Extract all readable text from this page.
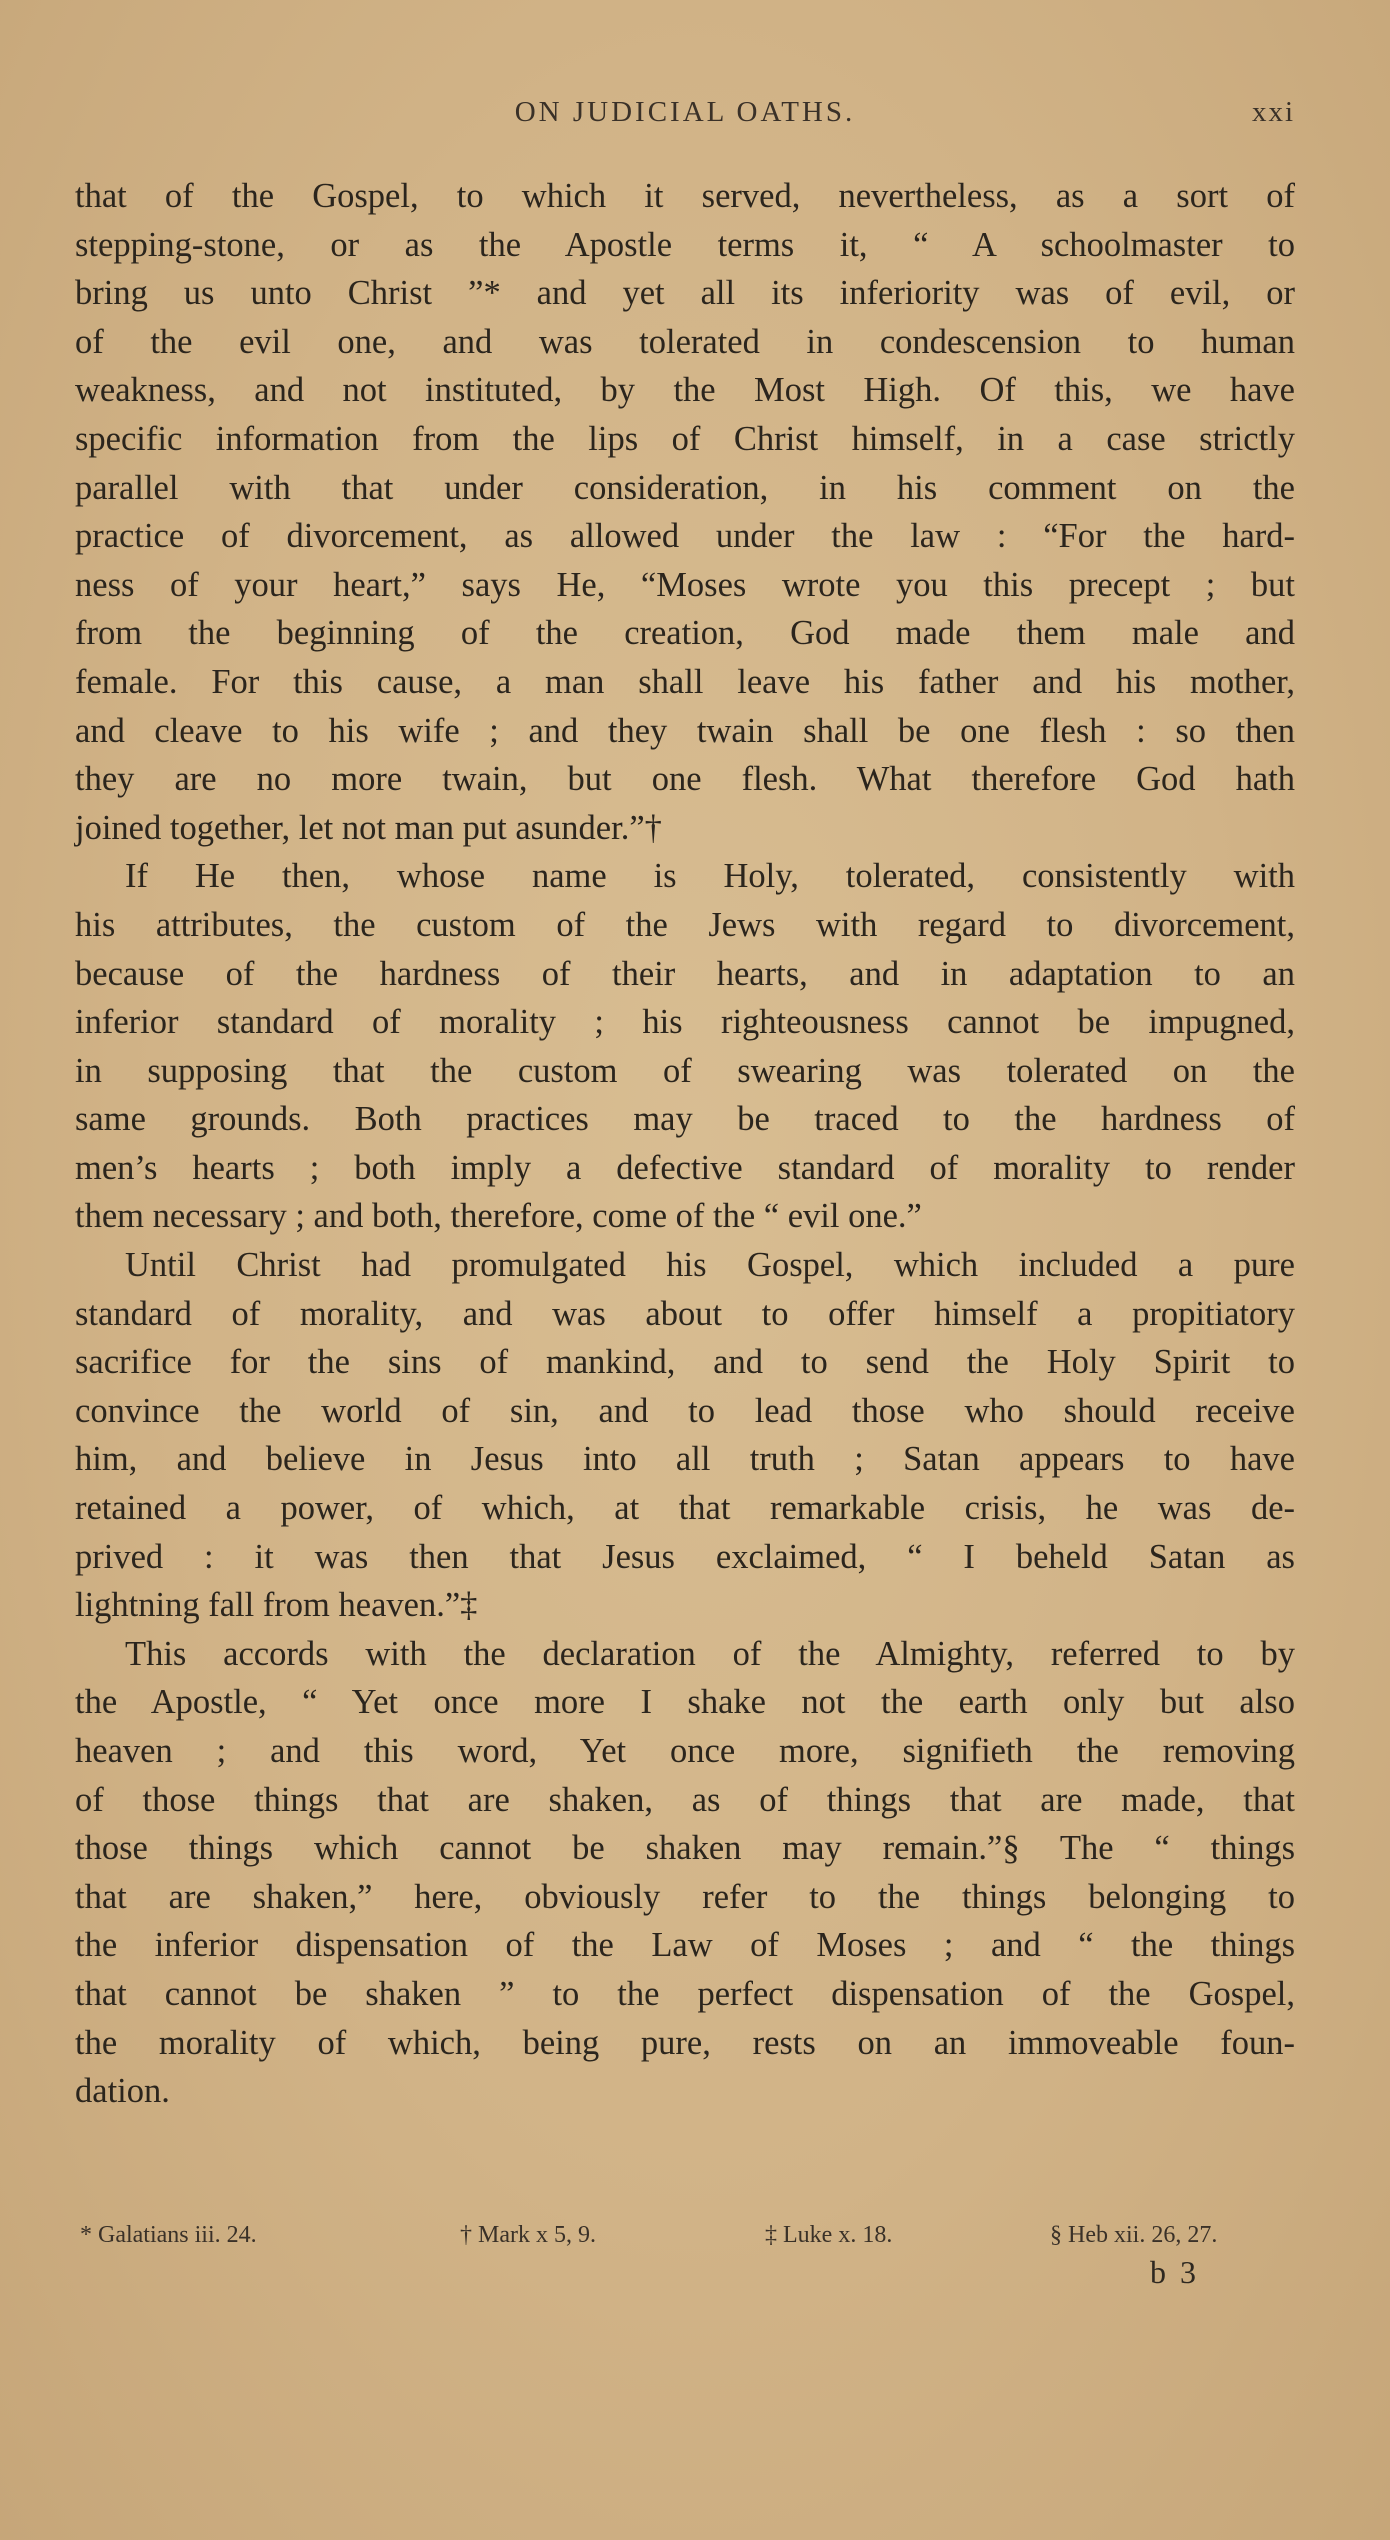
ON JUDICIAL OATHS.	xxi

that of the Gospel, to which it served, nevertheless, as a sort of
stepping-stone, or as the Apostle terms it, “ A schoolmaster to
bring us unto Christ ”* and yet all its inferiority was of evil, or
of the evil one, and was tolerated in condescension to human
weakness, and not instituted, by the Most High. Of this, we have
specific information from the lips of Christ himself, in a case strictly
parallel with that under consideration, in his comment on the
practice of divorcement, as allowed under the law : “For the hard-
ness of your heart,” says He, “Moses wrote you this precept ; but
from the beginning of the creation, God made them male and
female. For this cause, a man shall leave his father and his mother,
and cleave to his wife ; and they twain shall be one flesh : so then
they are no more twain, but one flesh. What therefore God hath
joined together, let not man put asunder.”†

If He then, whose name is Holy, tolerated, consistently with
his attributes, the custom of the Jews with regard to divorcement,
because of the hardness of their hearts, and in adaptation to an
inferior standard of morality ; his righteousness cannot be impugned,
in supposing that the custom of swearing was tolerated on the
same grounds. Both practices may be traced to the hardness of
men’s hearts ; both imply a defective standard of morality to render
them necessary ; and both, therefore, come of the “ evil one.”

Until Christ had promulgated his Gospel, which included a pure
standard of morality, and was about to offer himself a propitiatory
sacrifice for the sins of mankind, and to send the Holy Spirit to
convince the world of sin, and to lead those who should receive
him, and believe in Jesus into all truth ; Satan appears to have
retained a power, of which, at that remarkable crisis, he was de-
prived : it was then that Jesus exclaimed, “ I beheld Satan as
lightning fall from heaven.”‡

This accords with the declaration of the Almighty, referred to by
the Apostle, “ Yet once more I shake not the earth only but also
heaven ; and this word, Yet once more, signifieth the removing
of those things that are shaken, as of things that are made, that
those things which cannot be shaken may remain.”§ The “ things
that are shaken,” here, obviously refer to the things belonging to
the inferior dispensation of the Law of Moses ; and “ the things
that cannot be shaken ” to the perfect dispensation of the Gospel,
the morality of which, being pure, rests on an immoveable foun-
dation.

* Galatians iii. 24.	† Mark x 5, 9.	‡ Luke x. 18.	§ Heb xii. 26, 27.
b 3
